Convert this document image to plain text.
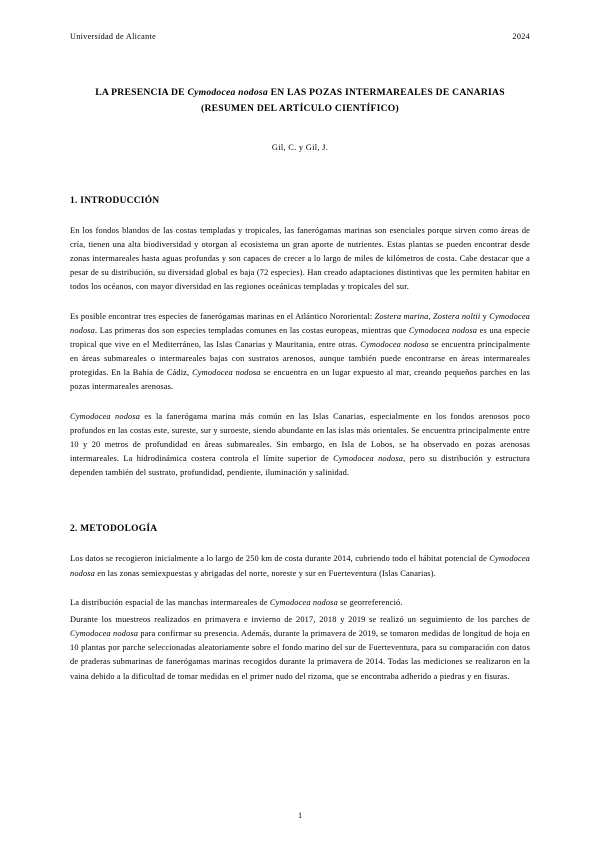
Universidad de Alicante	2024
LA PRESENCIA DE Cymodocea nodosa EN LAS POZAS INTERMAREALES DE CANARIAS
(RESUMEN DEL ARTÍCULO CIENTÍFICO)
Gil, C. y Gil, J.
1. INTRODUCCIÓN

En los fondos blandos de las costas templadas y tropicales, las fanerógamas marinas son esenciales porque sirven como áreas de cría, tienen una alta biodiversidad y otorgan al ecosistema un gran aporte de nutrientes. Estas plantas se pueden encontrar desde zonas intermareales hasta aguas profundas y son capaces de crecer a lo largo de miles de kilómetros de costa. Cabe destacar que a pesar de su distribución, su diversidad global es baja (72 especies). Han creado adaptaciones distintivas que les permiten habitar en todos los océanos, con mayor diversidad en las regiones oceánicas templadas y tropicales del sur.

Es posible encontrar tres especies de fanerógamas marinas en el Atlántico Nororiental: Zostera marina, Zostera noltii y Cymodocea nodosa. Las primeras dos son especies templadas comunes en las costas europeas, mientras que Cymodocea nodosa es una especie tropical que vive en el Mediterráneo, las Islas Canarias y Mauritania, entre otras. Cymodocea nodosa se encuentra principalmente en áreas submareales o intermareales bajas con sustratos arenosos, aunque también puede encontrarse en áreas intermareales protegidas. En la Bahía de Cádiz, Cymodocea nodosa se encuentra en un lugar expuesto al mar, creando pequeños parches en las pozas intermareales arenosas.

Cymodocea nodosa es la fanerógama marina más común en las Islas Canarias, especialmente en los fondos arenosos poco profundos en las costas este, sureste, sur y suroeste, siendo abundante en las islas más orientales. Se encuentra principalmente entre 10 y 20 metros de profundidad en áreas submareales. Sin embargo, en Isla de Lobos, se ha observado en pozas arenosas intermareales. La hidrodinámica costera controla el límite superior de Cymodocea nodosa, pero su distribución y estructura dependen también del sustrato, profundidad, pendiente, iluminación y salinidad.

2. METODOLOGÍA

Los datos se recogieron inicialmente a lo largo de 250 km de costa durante 2014, cubriendo todo el hábitat potencial de Cymodocea nodosa en las zonas semiexpuestas y abrigadas del norte, noreste y sur en Fuerteventura (Islas Canarias).

La distribución espacial de las manchas intermareales de Cymodocea nodosa se georreferenció.

Durante los muestreos realizados en primavera e invierno de 2017, 2018 y 2019 se realizó un seguimiento de los parches de Cymodocea nodosa para confirmar su presencia. Además, durante la primavera de 2019, se tomaron medidas de longitud de hoja en 10 plantas por parche seleccionadas aleatoriamente sobre el fondo marino del sur de Fuerteventura, para su comparación con datos de praderas submarinas de fanerógamas marinas recogidos durante la primavera de 2014. Todas las mediciones se realizaron en la vaina debido a la dificultad de tomar medidas en el primer nudo del rizoma, que se encontraba adherido a piedras y en fisuras.

1
